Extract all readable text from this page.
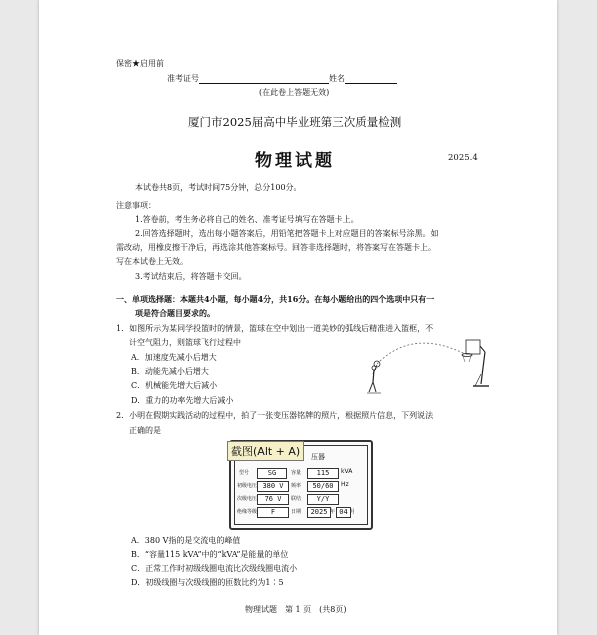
保密★启用前
准考证号	姓名
(在此卷上答题无效)
厦门市2025届高中毕业班第三次质量检测
物理试题	2025.4
本试卷共8页，考试时间75分钟，总分100分。
注意事项：
1.答卷前，考生务必将自己的姓名、准考证号填写在答题卡上。
2.回答选择题时，选出每小题答案后，用铅笔把答题卡上对应题目的答案标号涂黑。如
需改动，用橡皮擦干净后，再选涂其他答案标号。回答非选择题时，将答案写在答题卡上。
写在本试卷上无效。
3.考试结束后，将答题卡交回。
一、单项选择题：本题共4小题，每小题4分，共16分。在每小题给出的四个选项中只有一
项是符合题目要求的。
1．如图所示为某同学投篮时的情景，篮球在空中划出一道美妙的弧线后精准进入篮框，不
计空气阻力，则篮球飞行过程中
A．加速度先减小后增大
B．动能先减小后增大
C．机械能先增大后减小
D．重力的功率先增大后减小
2．小明在假期实践活动的过程中，拍了一张变压器铭牌的照片，根据照片信息，下列说法
正确的是
压器
型号	SG	容量	115	kVA
初级电压 380 V	频率	50/60	Hz
次级电压	76 V	联结	Y/Y
绝缘等级	F	日期	2025 年 04 月
截图(Alt + A)
A．380 V指的是交流电的峰值
B．“容量115 kVA”中的“kVA”是能量的单位
C．正常工作时初级线圈电流比次级线圈电流小
D．初级线圈与次级线圈的匝数比约为1∶5
物理试题　第 1 页　(共8页)
